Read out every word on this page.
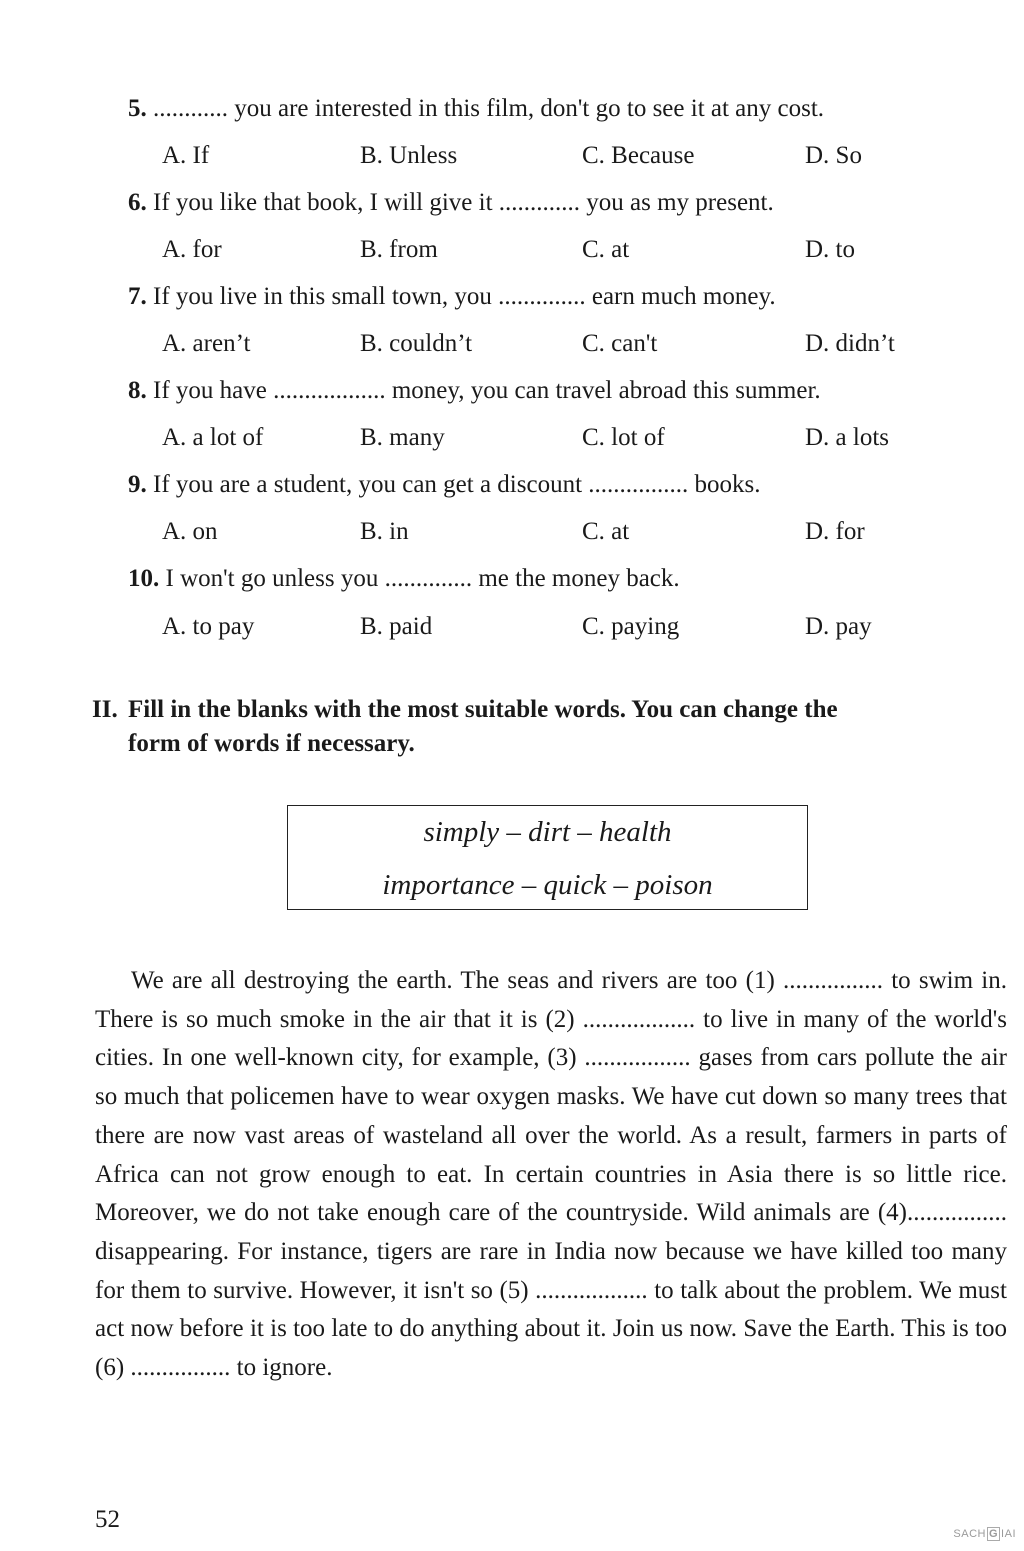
5. ............ you are interested in this film, don't go to see it at any cost.
A. If	B. Unless	C. Because	D. So
6. If you like that book, I will give it ............. you as my present.
A. for	B. from	C. at	D. to
7. If you live in this small town, you .............. earn much money.
A. aren’t	B. couldn’t	C. can't	D. didn’t
8. If you have .................. money, you can travel abroad this summer.
A. a lot of	B. many	C. lot of	D. a lots
9. If you are a student, you can get a discount ................ books.
A. on	B. in	C. at	D. for
10. I won't go unless you .............. me the money back.
A. to pay	B. paid	C. paying	D. pay
II. Fill in the blanks with the most suitable words. You can change the
form of words if necessary.
simply – dirt – health
importance – quick – poison

We are all destroying the earth. The seas and rivers are too (1) ................ to swim in. There is so much smoke in the air that it is (2) .................. to live in many of the world's cities. In one well-known city, for example, (3) ................. gases from cars pollute the air so much that policemen have to wear oxygen masks. We have cut down so many trees that there are now vast areas of wasteland all over the world. As a result, farmers in parts of Africa can not grow enough to eat. In certain countries in Asia there is so little rice. Moreover, we do not take enough care of the countryside. Wild animals are (4)................ disappearing. For instance, tigers are rare in India now because we have killed too many for them to survive. However, it isn't so (5) .................. to talk about the problem. We must act now before it is too late to do anything about it. Join us now. Save the Earth. This is too (6) ................ to ignore.

52
SACH G IAI
